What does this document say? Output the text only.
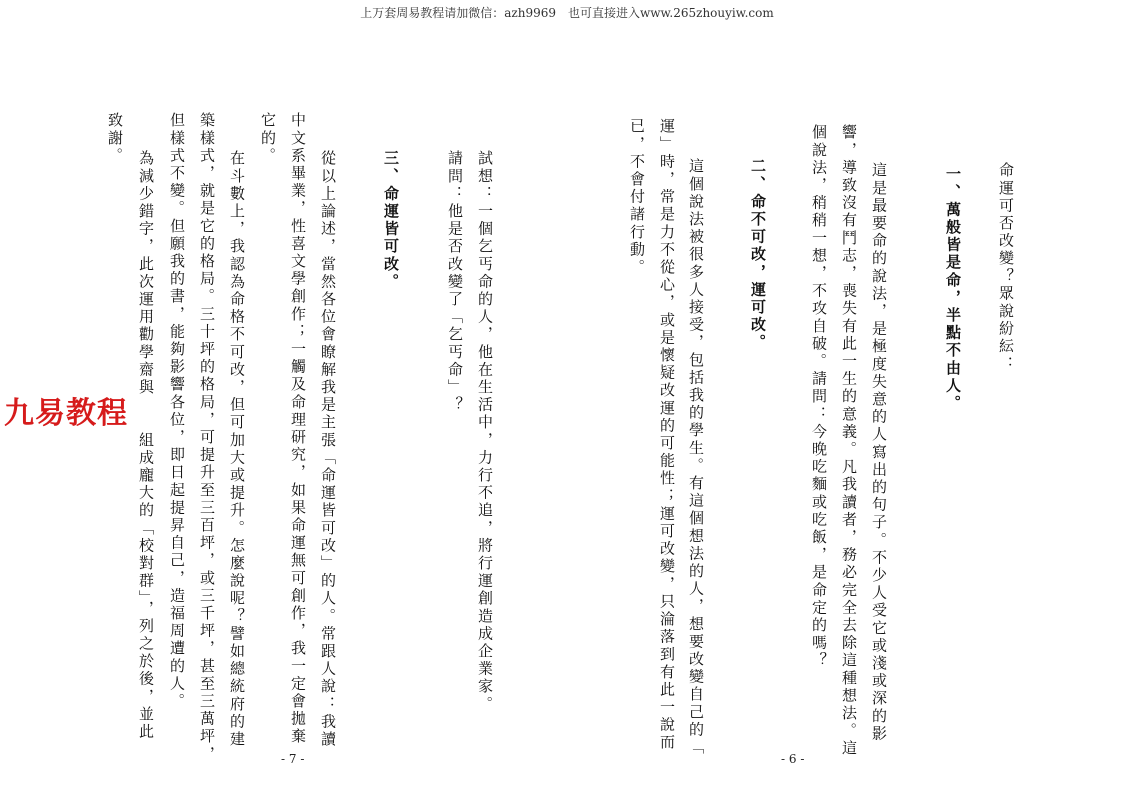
上万套周易教程请加微信：azh9969　也可直接进入www.265zhouyiw.com
命運可否改變？眾說紛紜：
一、萬般皆是命，半點不由人。
這是最要命的說法，是極度失意的人寫出的句子。不少人受它或淺或深的影
響，導致沒有鬥志，喪失有此一生的意義。凡我讀者，務必完全去除這種想法。這
個說法，稍稍一想，不攻自破。請問：今晚吃麵或吃飯，是命定的嗎？
二、命不可改，運可改。
這個說法被很多人接受，包括我的學生。有這個想法的人，想要改變自己的「
運」時，常是力不從心，或是懷疑改運的可能性；運可改變，只淪落到有此一說而
已，不會付諸行動。
- 6 -
試想：一個乞丐命的人，他在生活中，力行不追，將行運創造成企業家。
請問：他是否改變了「乞丐命」？
三、命運皆可改。
從以上論述，當然各位會瞭解我是主張「命運皆可改」的人。常跟人說：我讀
中文系畢業，性喜文學創作；一觸及命理研究，如果命運無可創作，我一定會拋棄
它的。
在斗數上，我認為命格不可改，但可加大或提升。怎麼說呢？譬如總統府的建
築樣式，就是它的格局。三十坪的格局，可提升至三百坪，或三千坪，甚至三萬坪，
但樣式不變。但願我的書，能夠影響各位，即日起提昇自己，造福周遭的人。
為減少錯字，此次運用勸學齋與　　組成龐大的「校對群」，列之於後，並此
致謝。
- 7 -
九易教程
